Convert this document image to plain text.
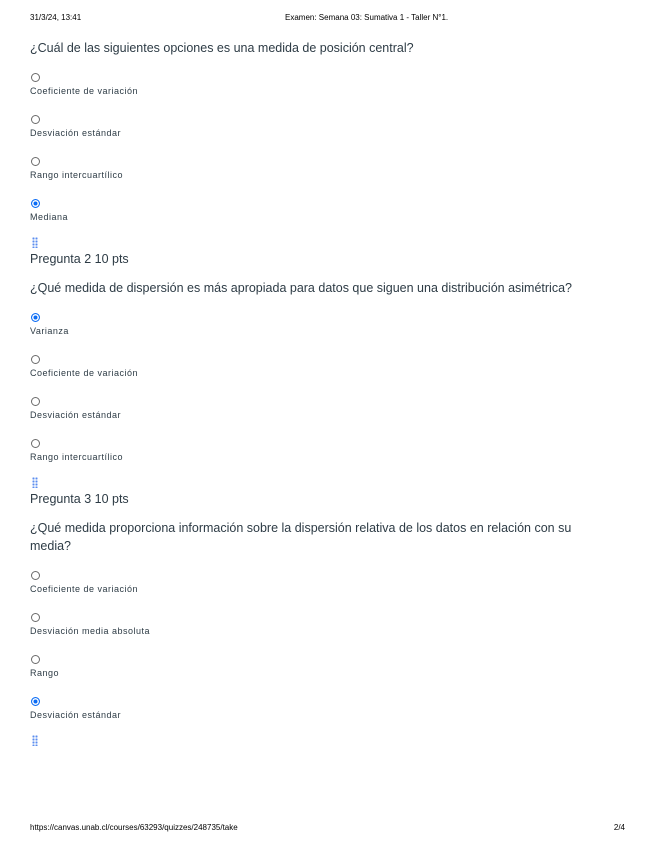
31/3/24, 13:41	Examen: Semana 03: Sumativa 1 - Taller N°1.

¿Cuál de las siguientes opciones es una medida de posición central?

Coeficiente de variación
Desviación estándar
Rango intercuartílico
Mediana

Pregunta 2 10 pts

¿Qué medida de dispersión es más apropiada para datos que siguen una distribución asimétrica?

Varianza
Coeficiente de variación
Desviación estándar
Rango intercuartílico

Pregunta 3 10 pts

¿Qué medida proporciona información sobre la dispersión relativa de los datos en relación con su media?

Coeficiente de variación
Desviación media absoluta
Rango
Desviación estándar
https://canvas.unab.cl/courses/63293/quizzes/248735/take	2/4
